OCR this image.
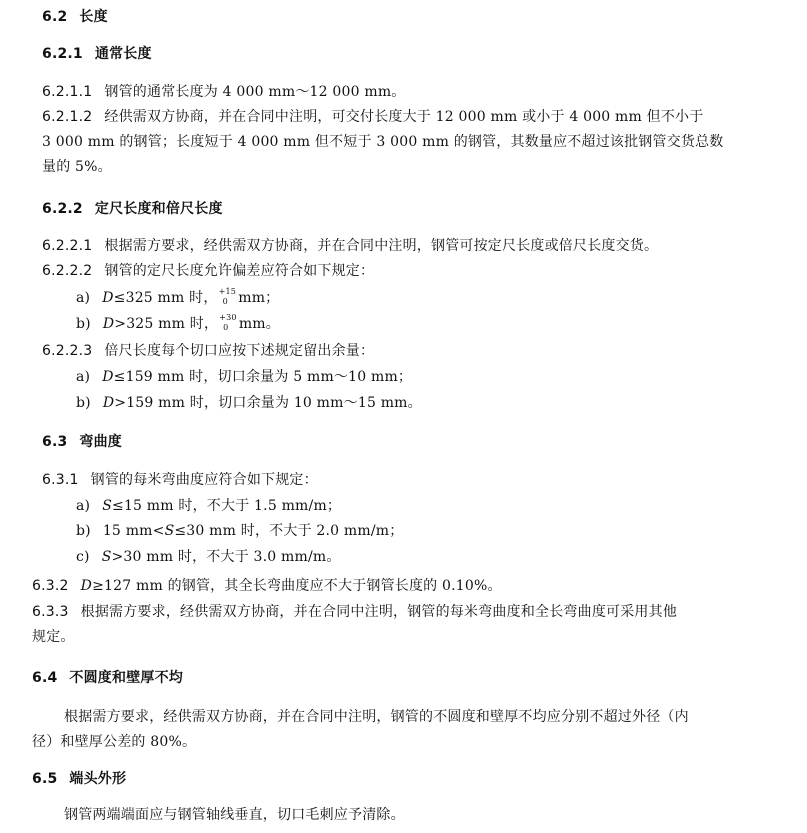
6.2 长度
6.2.1 通常长度
6.2.1.1 钢管的通常长度为 4 000 mm～12 000 mm。
6.2.1.2 经供需双方协商，并在合同中注明，可交付长度大于 12 000 mm 或小于 4 000 mm 但不小于
3 000 mm 的钢管；长度短于 4 000 mm 但不短于 3 000 mm 的钢管，其数量应不超过该批钢管交货总数
量的 5%。
6.2.2 定尺长度和倍尺长度
6.2.2.1 根据需方要求，经供需双方协商，并在合同中注明，钢管可按定尺长度或倍尺长度交货。
6.2.2.2 钢管的定尺长度允许偏差应符合如下规定：
a) D≤325 mm 时， +15
0 mm；
b) D>325 mm 时， +30
0 mm。
6.2.2.3 倍尺长度每个切口应按下述规定留出余量：
a) D≤159 mm 时，切口余量为 5 mm～10 mm；
b) D>159 mm 时，切口余量为 10 mm～15 mm。
6.3 弯曲度
6.3.1 钢管的每米弯曲度应符合如下规定：
a) S≤15 mm 时，不大于 1.5 mm/m；
b) 15 mm<S≤30 mm 时，不大于 2.0 mm/m；
c) S>30 mm 时，不大于 3.0 mm/m。
6.3.2 D≥127 mm 的钢管，其全长弯曲度应不大于钢管长度的 0.10%。
6.3.3 根据需方要求，经供需双方协商，并在合同中注明，钢管的每米弯曲度和全长弯曲度可采用其他
规定。
6.4 不圆度和壁厚不均
根据需方要求，经供需双方协商，并在合同中注明，钢管的不圆度和壁厚不均应分别不超过外径（内
径）和壁厚公差的 80%。
6.5 端头外形
钢管两端端面应与钢管轴线垂直，切口毛刺应予清除。
